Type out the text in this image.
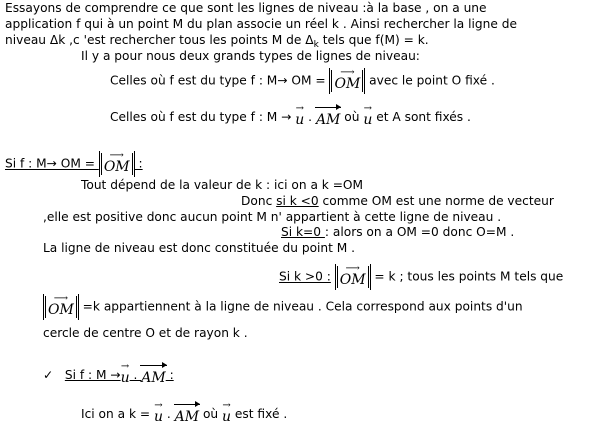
Essayons de comprendre ce que sont les lignes de niveau :à la base , on a une
application f qui à un point M du plan associe un réel k . Ainsi rechercher la ligne de
niveau Δk ,c 'est rechercher tous les points M de $\Delta_k$ tels que f(M) = k.
Il y a pour nous deux grands types de lignes de niveau:
Celles où f est du type f : M→ OM =
⟶
OM avec le point O fixé .
Celles où f est du type f : M →
→
u .
AM où
→
u et A sont fixés .
Si f : M→ OM =
⟶
OM :
Tout dépend de la valeur de k : ici on a k =OM
Donc si k <0 comme OM est une norme de vecteur
,elle est positive donc aucun point M n' appartient à cette ligne de niveau .
Si k=0 : alors on a OM =0 donc O=M .
La ligne de niveau est donc constituée du point M .
Si k >0 :
⟶
OM = k ; tous les points M tels que
⟶
OM =k appartiennent à la ligne de niveau . Cela correspond aux points d'un
cercle de centre O et de rayon k .
✓ Si f : M →
→
u .
AM :
Ici on a k =
→
u .
AM où
→
u est fixé .
